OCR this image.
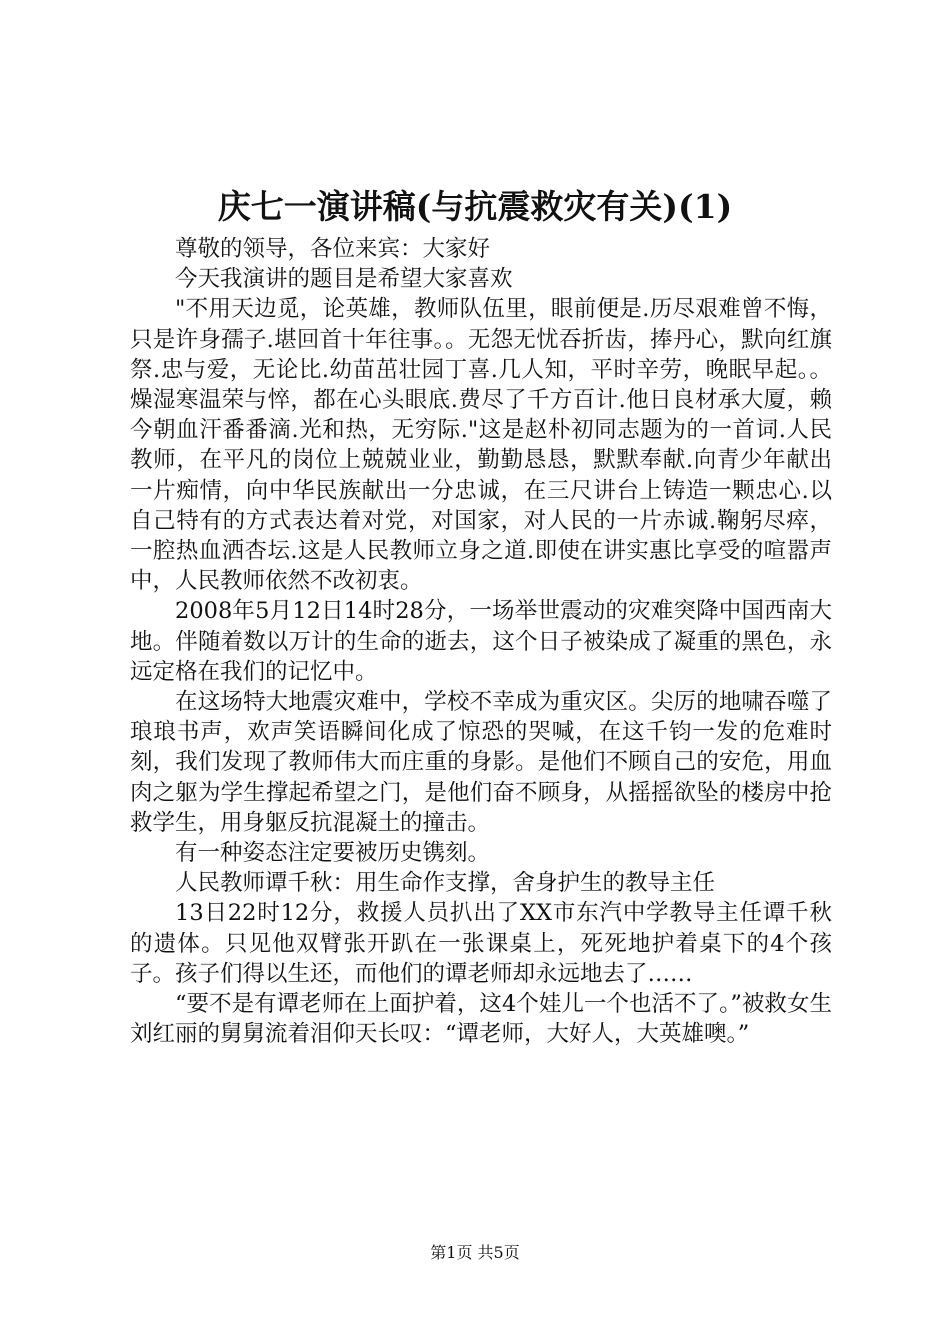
庆七一演讲稿(与抗震救灾有关)(1)

尊敬的领导，各位来宾：大家好

今天我演讲的题目是希望大家喜欢

"不用天边觅，论英雄，教师队伍里，眼前便是.历尽艰难曾不悔，只是许身孺子.堪回首十年往事。。无怨无忧吞折齿，捧丹心，默向红旗祭.忠与爱，无论比.幼苗茁壮园丁喜.几人知，平时辛劳，晚眠早起。。燥湿寒温荣与悴，都在心头眼底.费尽了千方百计.他日良材承大厦，赖今朝血汗番番滴.光和热，无穷际."这是赵朴初同志题为的一首词.人民教师，在平凡的岗位上兢兢业业，勤勤恳恳，默默奉献.向青少年献出一片痴情，向中华民族献出一分忠诚，在三尺讲台上铸造一颗忠心.以自己特有的方式表达着对党，对国家，对人民的一片赤诚.鞠躬尽瘁，一腔热血洒杏坛.这是人民教师立身之道.即使在讲实惠比享受的喧嚣声中，人民教师依然不改初衷。

2008年5月12日14时28分，一场举世震动的灾难突降中国西南大地。伴随着数以万计的生命的逝去，这个日子被染成了凝重的黑色，永远定格在我们的记忆中。

在这场特大地震灾难中，学校不幸成为重灾区。尖厉的地啸吞噬了琅琅书声，欢声笑语瞬间化成了惊恐的哭喊，在这千钧一发的危难时刻，我们发现了教师伟大而庄重的身影。是他们不顾自己的安危，用血肉之躯为学生撑起希望之门，是他们奋不顾身，从摇摇欲坠的楼房中抢救学生，用身躯反抗混凝土的撞击。

有一种姿态注定要被历史镌刻。

人民教师谭千秋：用生命作支撑，舍身护生的教导主任

13日22时12分，救援人员扒出了XX市东汽中学教导主任谭千秋的遗体。只见他双臂张开趴在一张课桌上，死死地护着桌下的4个孩子。孩子们得以生还，而他们的谭老师却永远地去了……

“要不是有谭老师在上面护着，这4个娃儿一个也活不了。”被救女生刘红丽的舅舅流着泪仰天长叹：“谭老师，大好人，大英雄噢。”

第1页 共5页
